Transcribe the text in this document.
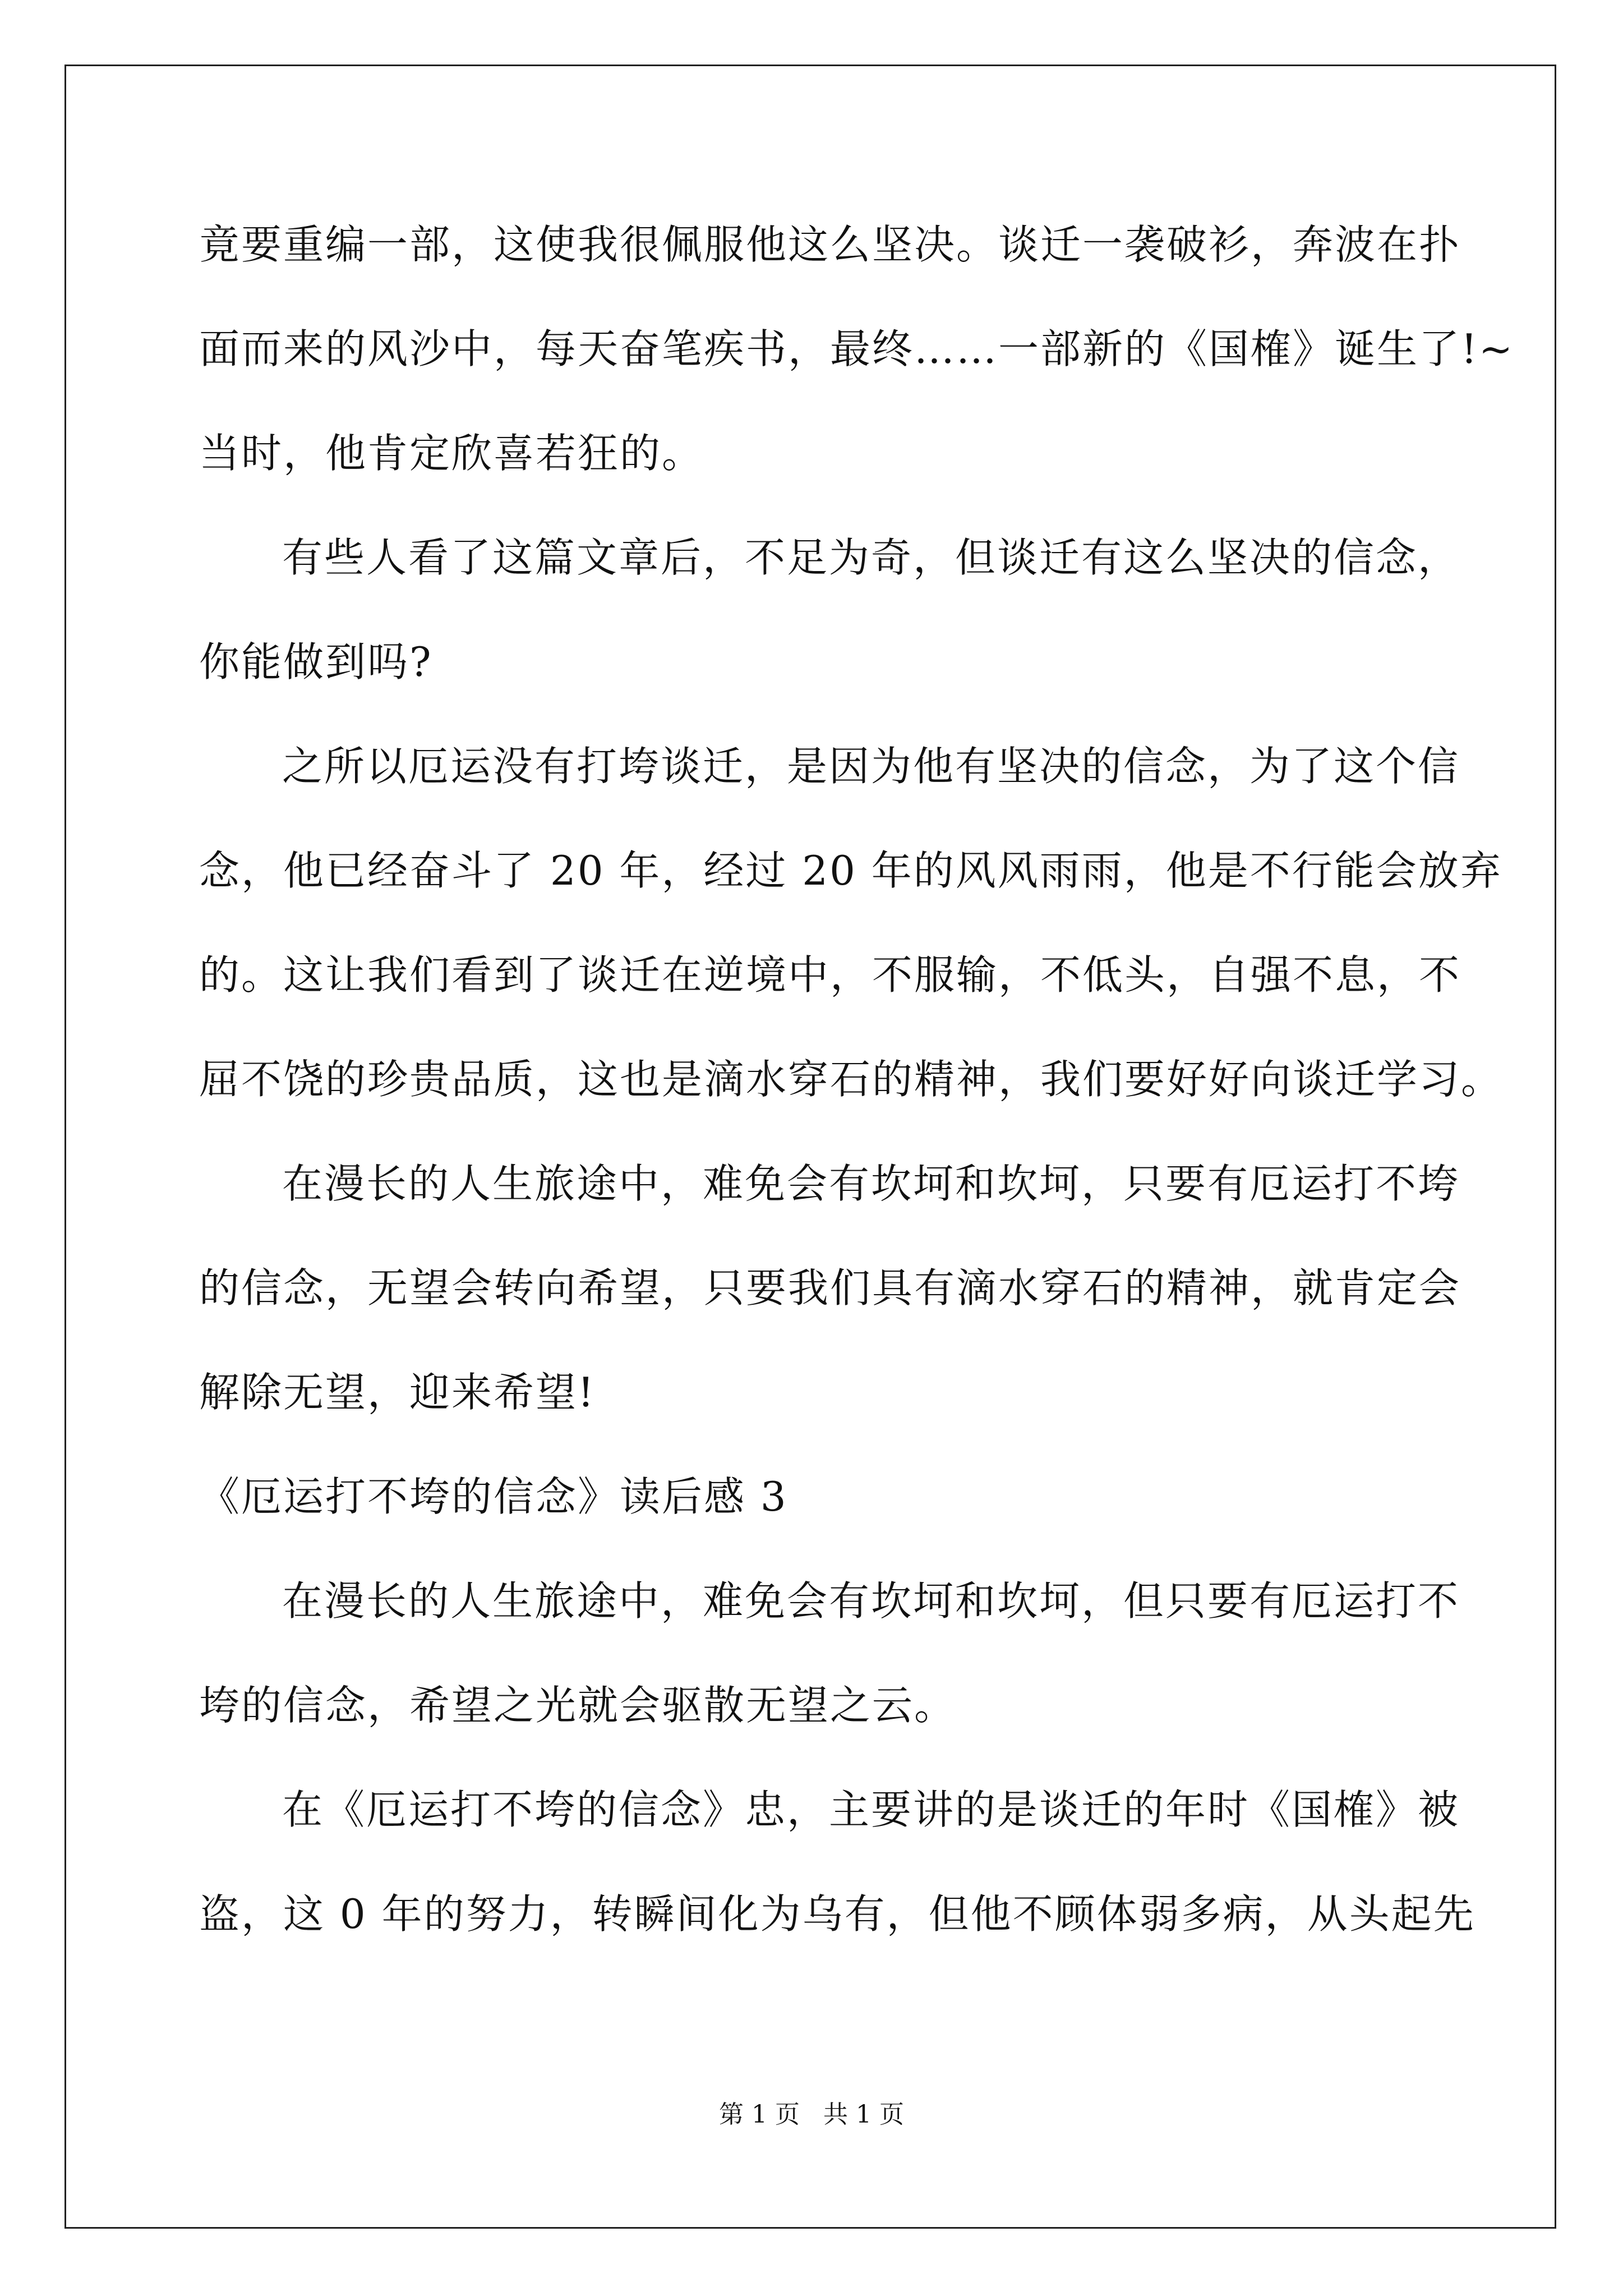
竟要重编一部，这使我很佩服他这么坚决。谈迁一袭破衫，奔波在扑
面而来的风沙中，每天奋笔疾书，最终……一部新的《国榷》诞生了!~
当时，他肯定欣喜若狂的。
有些人看了这篇文章后，不足为奇，但谈迁有这么坚决的信念，
你能做到吗?
之所以厄运没有打垮谈迁，是因为他有坚决的信念，为了这个信
念，他已经奋斗了 20 年，经过 20 年的风风雨雨，他是不行能会放弃
的。这让我们看到了谈迁在逆境中，不服输，不低头，自强不息，不
屈不饶的珍贵品质，这也是滴水穿石的精神，我们要好好向谈迁学习。
在漫长的人生旅途中，难免会有坎坷和坎坷，只要有厄运打不垮
的信念，无望会转向希望，只要我们具有滴水穿石的精神，就肯定会
解除无望，迎来希望!
《厄运打不垮的信念》读后感 3
在漫长的人生旅途中，难免会有坎坷和坎坷，但只要有厄运打不
垮的信念，希望之光就会驱散无望之云。
在《厄运打不垮的信念》忠，主要讲的是谈迁的年时《国榷》被
盗，这 0 年的努力，转瞬间化为乌有，但他不顾体弱多病，从头起先
第 1 页   共 1 页
